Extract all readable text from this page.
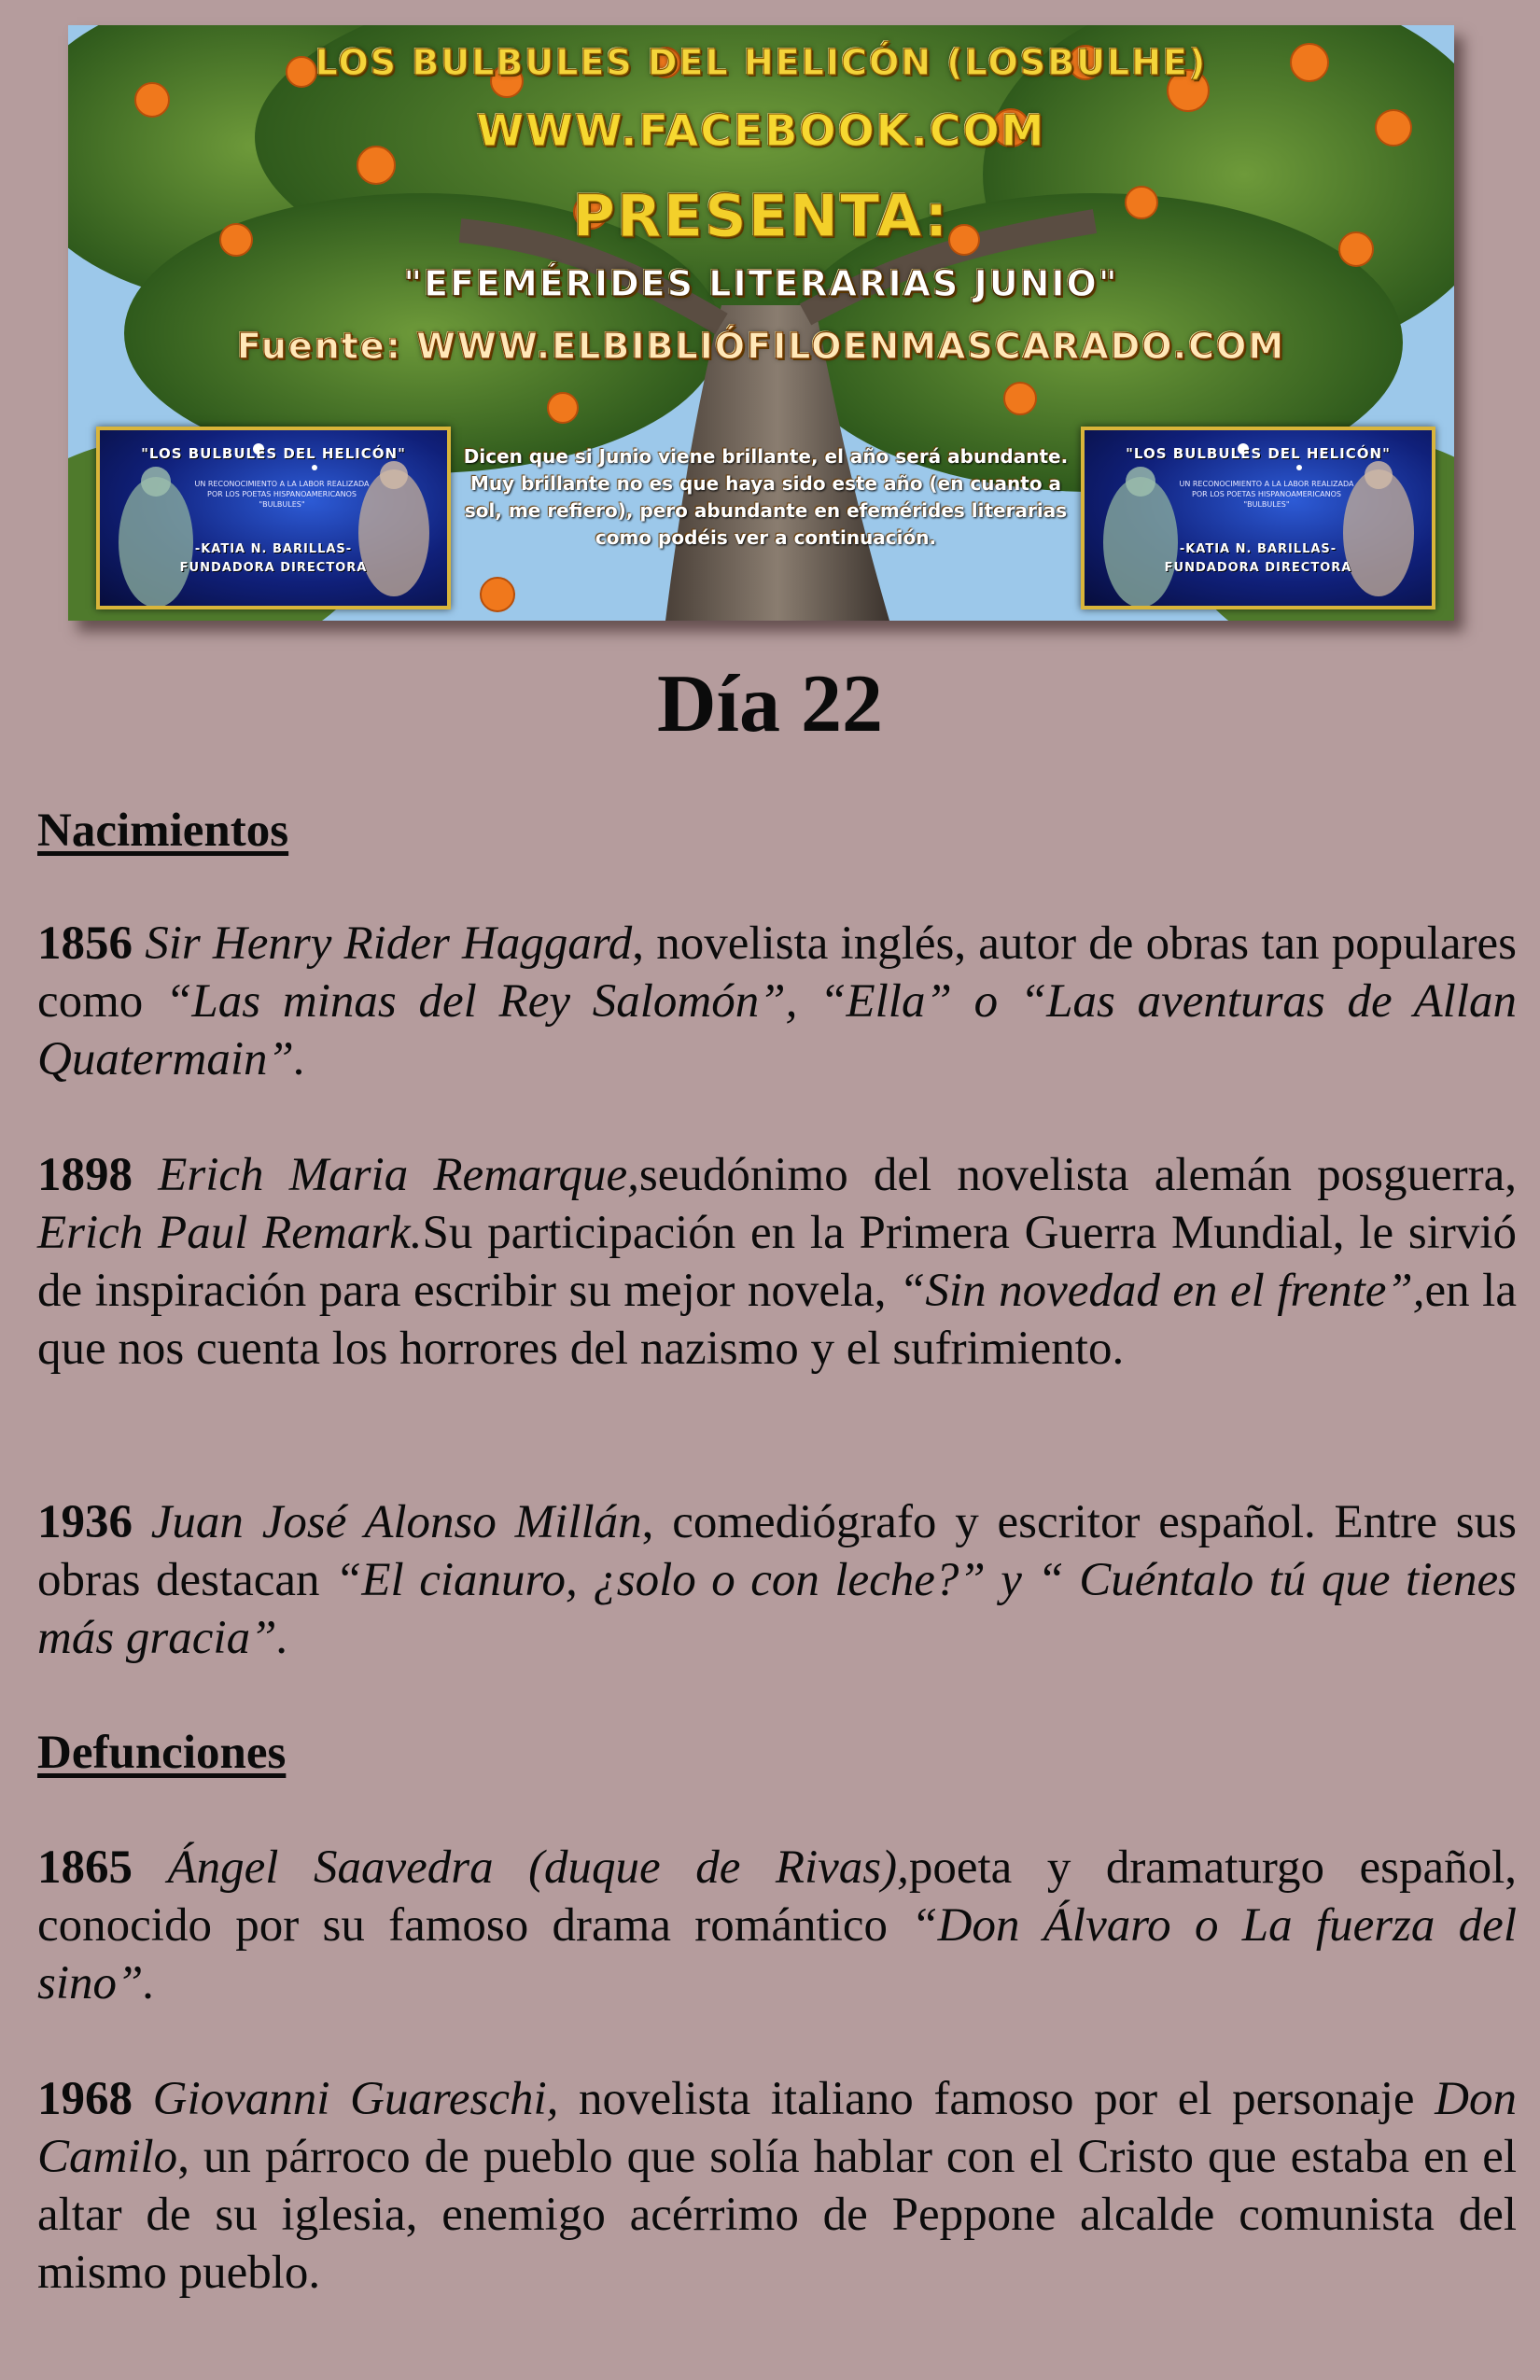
LOS BULBULES DEL HELICÓN (LOSBULHE)
WWW.FACEBOOK.COM
PRESENTA:
"EFEMÉRIDES LITERARIAS JUNIO"
Fuente: WWW.ELBIBLIÓFILOENMASCARADO.COM
"LOS BULBULES DEL HELICÓN"
UN RECONOCIMIENTO A LA LABOR REALIZADA POR LOS POETAS HISPANOAMERICANOS "BULBULES"
-KATIA N. BARILLAS-
FUNDADORA DIRECTORA
"LOS BULBULES DEL HELICÓN"
UN RECONOCIMIENTO A LA LABOR REALIZADA POR LOS POETAS HISPANOAMERICANOS "BULBULES"
-KATIA N. BARILLAS-
FUNDADORA DIRECTORA
Dicen que si Junio viene brillante, el año será abundante. Muy brillante no es que haya sido este año (en cuanto a sol, me refiero), pero abundante en efemérides literarias como podéis ver a continuación.
Día 22
Nacimientos
1856 Sir Henry Rider Haggard, novelista inglés, autor de obras tan populares como “Las minas del Rey Salomón”, “Ella” o “Las aventuras de Allan Quatermain”.
1898 Erich Maria Remarque,seudónimo del novelista alemán posguerra, Erich Paul Remark.Su participación en la Primera Guerra Mundial, le sirvió de inspiración para escribir su mejor novela, “Sin novedad en el frente”,en la que nos cuenta los horrores del nazismo y el sufrimiento.
1936 Juan José Alonso Millán, comediógrafo y escritor español. Entre sus obras destacan “El cianuro, ¿solo o con leche?” y “ Cuéntalo tú que tienes más gracia”.
Defunciones
1865 Ángel Saavedra (duque de Rivas),poeta y dramaturgo español, conocido por su famoso drama romántico “Don Álvaro o La fuerza del sino”.
1968 Giovanni Guareschi, novelista italiano famoso por el personaje Don Camilo, un párroco de pueblo que solía hablar con el Cristo que estaba en el altar de su iglesia, enemigo acérrimo de Peppone alcalde comunista del mismo pueblo.
